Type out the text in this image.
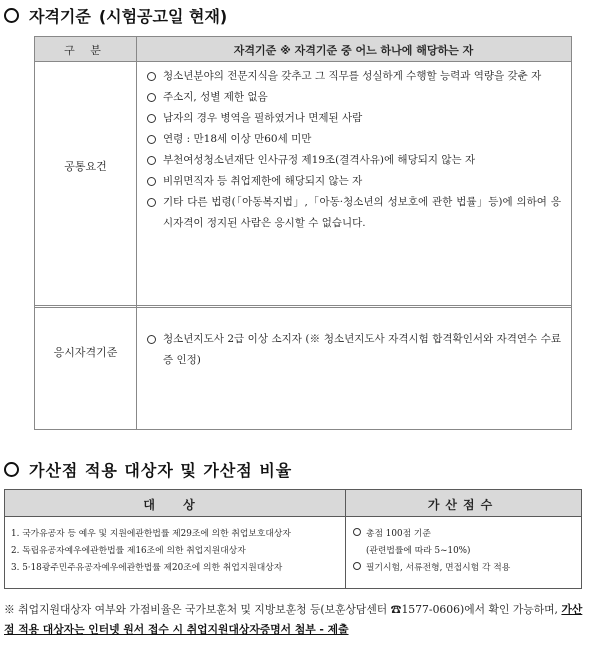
자격기준 (시험공고일 현재)
구 분	자격기준 ※ 자격기준 중 어느 하나에 해당하는 자
공통요건
청소년분야의 전문지식을 갖추고 그 직무를 성실하게 수행할 능력과 역량을 갖춘 자
주소지, 성별 제한 없음
남자의 경우 병역을 필하였거나 면제된 사람
연령 : 만18세 이상 만60세 미만
부천여성청소년재단 인사규정 제19조(결격사유)에 해당되지 않는 자
비위면직자 등 취업제한에 해당되지 않는 자
기타 다른 법령(「아동복지법」,「아동·청소년의 성보호에 관한 법률」등)에 의하여 응시자격이 정지된 사람은 응시할 수 없습니다.
응시자격기준
청소년지도사 2급 이상 소지자 (※ 청소년지도사 자격시험 합격확인서와 자격연수 수료증 인정)
가산점 적용 대상자 및 가산점 비율
대 상	가산점수
1. 국가유공자 등 예우 및 지원에관한법률 제29조에 의한 취업보호대상자
2. 독립유공자예우에관한법률 제16조에 의한 취업지원대상자
3. 5·18광주민주유공자예우에관한법률 제20조에 의한 취업지원대상자
총점 100점 기준
(관련법률에 따라 5~10%)
필기시험, 서류전형, 면접시험 각 적용
※ 취업지원대상자 여부와 가점비율은 국가보훈처 및 지방보훈청 등(보훈상담센터 ☎1577-0606)에서 확인 가능하며, 가산점 적용 대상자는 인터넷 원서 접수 시 취업지원대상자증명서 첨부 - 제출
